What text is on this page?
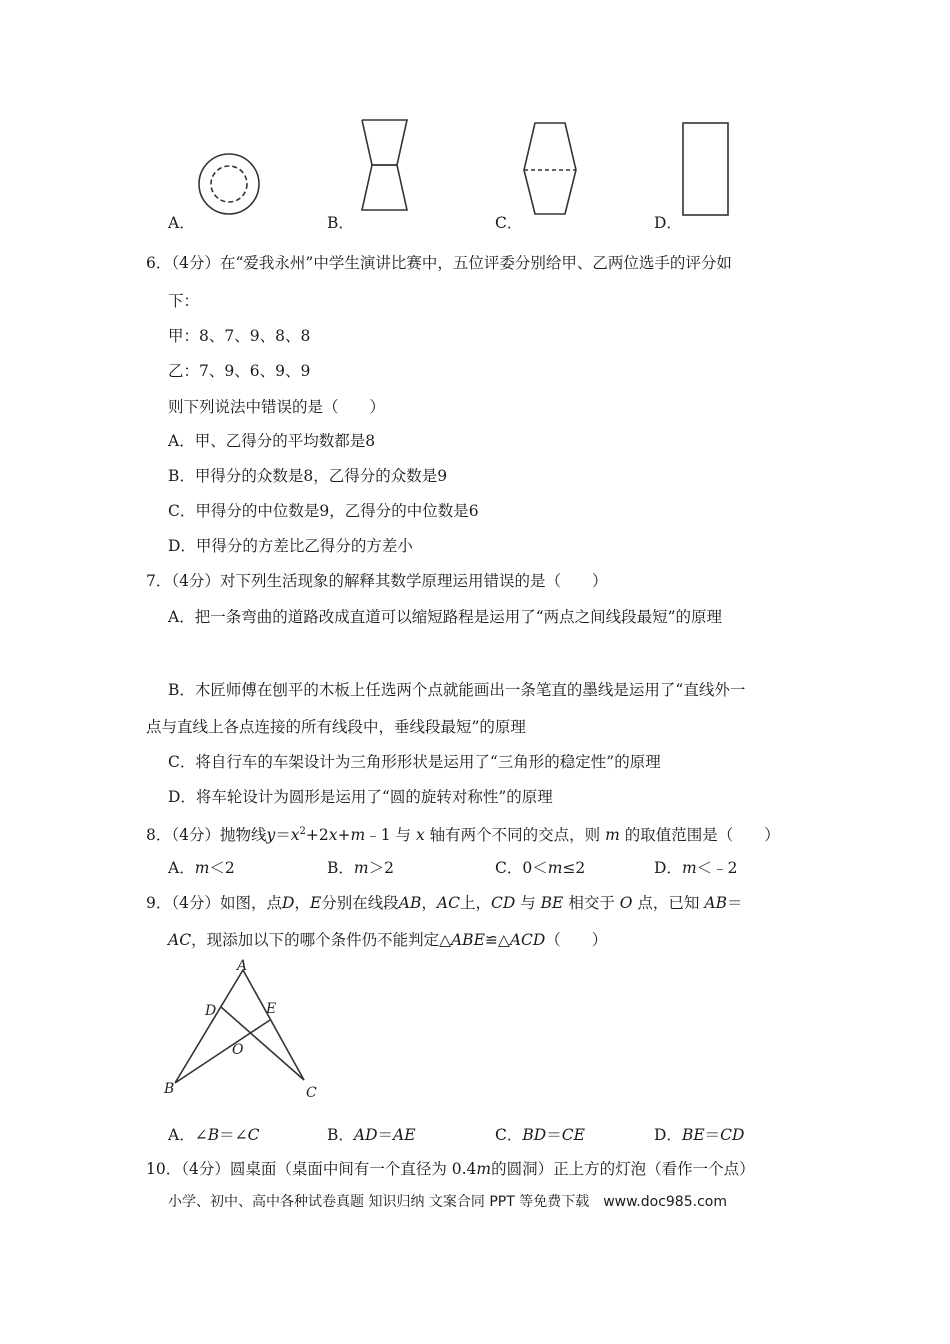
A．	B．	C．	D．
6．（4分）在“爱我永州”中学生演讲比赛中，五位评委分别给甲、乙两位选手的评分如
下：
甲：8、7、9、8、8
乙：7、9、6、9、9
则下列说法中错误的是（　　）
A．甲、乙得分的平均数都是8
B．甲得分的众数是8，乙得分的众数是9
C．甲得分的中位数是9，乙得分的中位数是6
D．甲得分的方差比乙得分的方差小
7．（4分）对下列生活现象的解释其数学原理运用错误的是（　　）
A．把一条弯曲的道路改成直道可以缩短路程是运用了“两点之间线段最短”的原理
B．木匠师傅在刨平的木板上任选两个点就能画出一条笔直的墨线是运用了“直线外一
点与直线上各点连接的所有线段中，垂线段最短”的原理
C．将自行车的车架设计为三角形形状是运用了“三角形的稳定性”的原理
D．将车轮设计为圆形是运用了“圆的旋转对称性”的原理
8．（4分）抛物线$y=x^2+2x+m﹣1$ 与 x 轴有两个不同的交点，则 m 的取值范围是（　　）
A．m＜2	B．m＞2	C．0＜m≤2	D．m＜﹣2
9．（4分）如图，点D，E分别在线段AB，AC上，CD 与 BE 相交于 O 点，已知 AB＝
AC，现添加以下的哪个条件仍不能判定△ABE≌△ACD（　　）
A
D	E
O
B	C
A．∠B＝∠C	B．AD＝AE	C．BD＝CE	D．BE＝CD
10．（4分）圆桌面（桌面中间有一个直径为 0.4m的圆洞）正上方的灯泡（看作一个点）
小学、初中、高中各种试卷真题 知识归纳 文案合同 PPT 等免费下载　www.doc985.com
